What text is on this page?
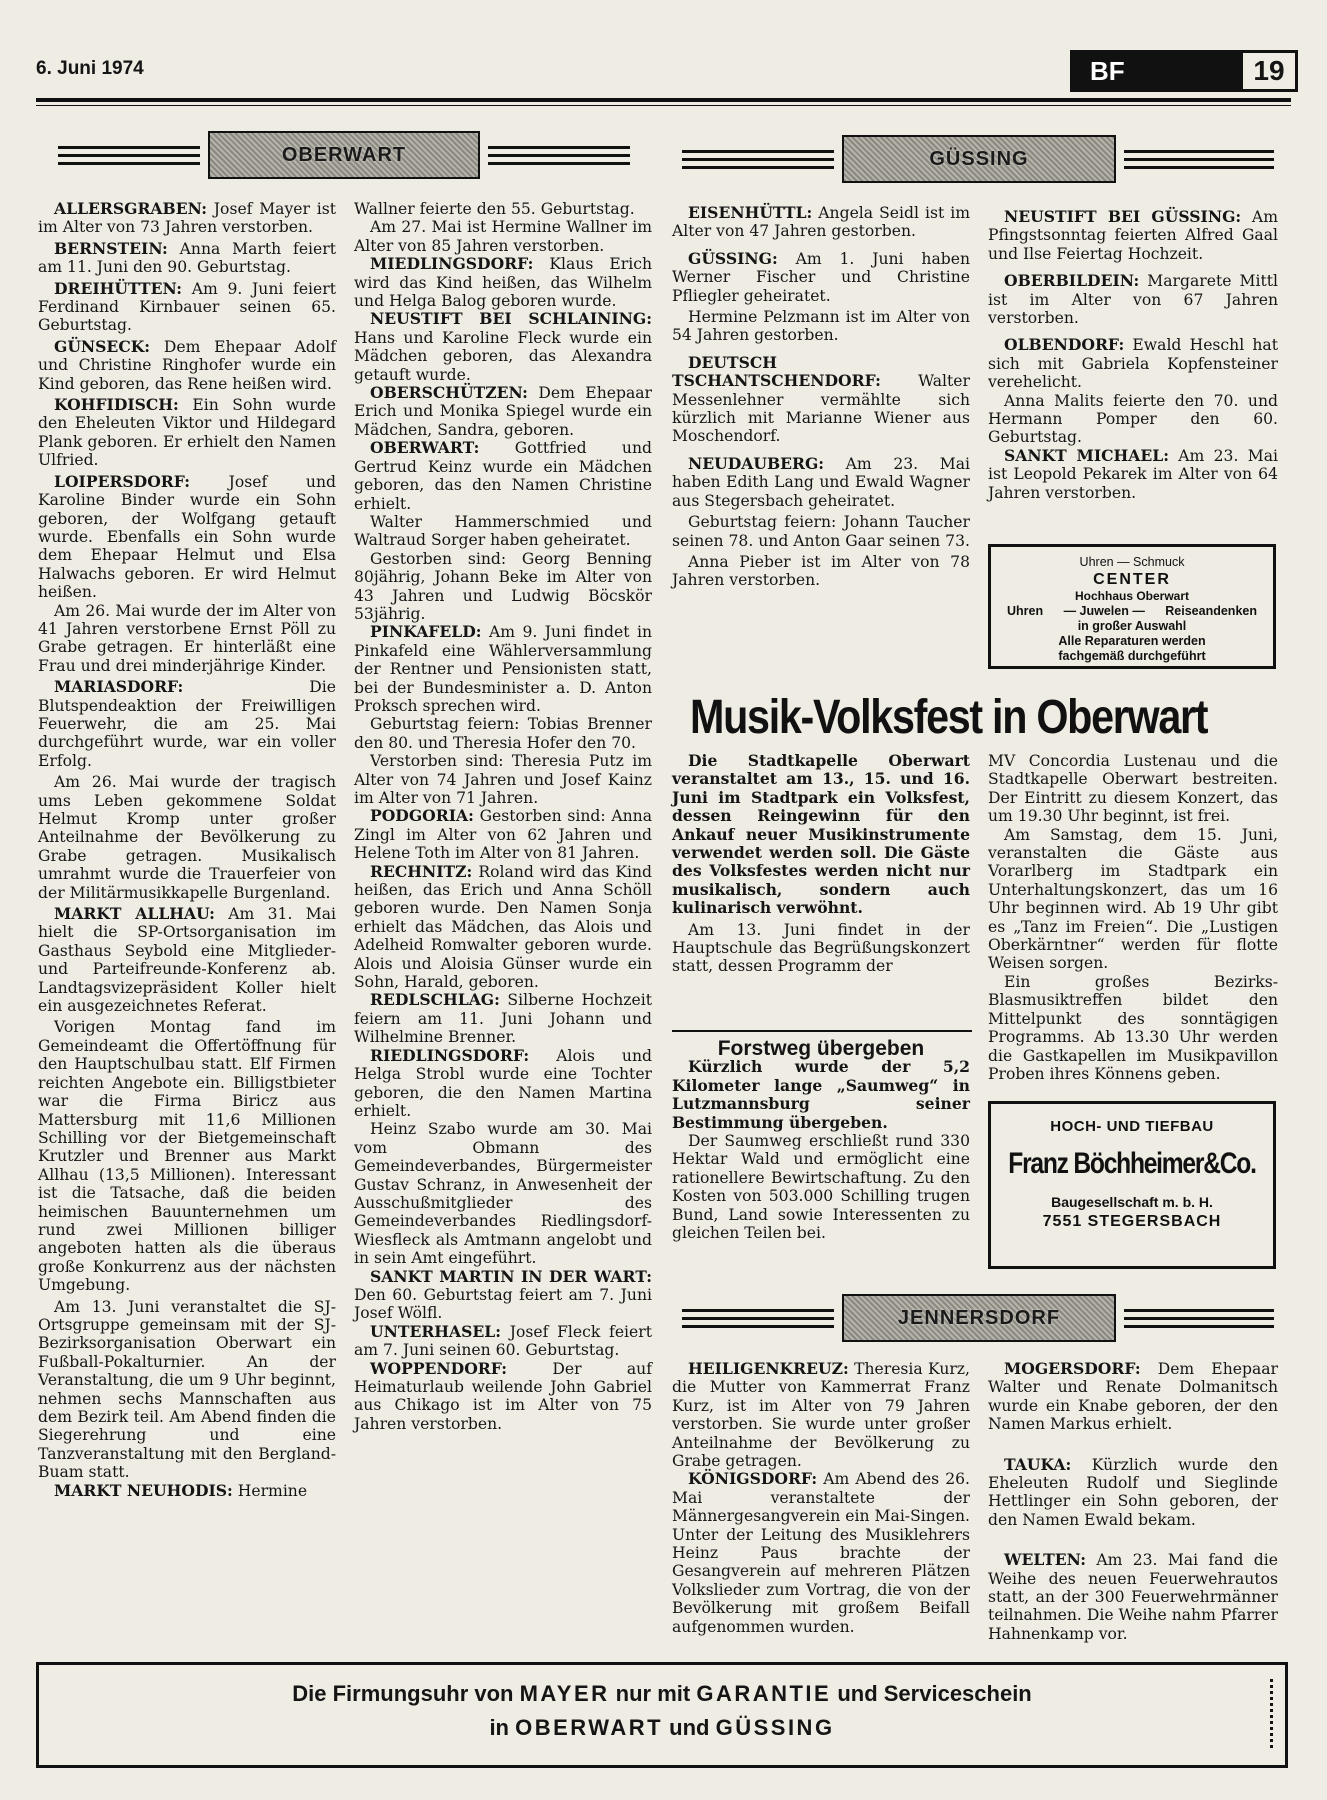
6. Juni 1974	BF	19
OBERWART	GÜSSING

ALLERSGRABEN: Josef Mayer ist im Alter von 73 Jahren verstorben.

BERNSTEIN: Anna Marth feiert am 11. Juni den 90. Geburtstag.

DREIHÜTTEN: Am 9. Juni feiert Ferdinand Kirnbauer seinen 65. Geburtstag.

GÜNSECK: Dem Ehepaar Adolf und Christine Ringhofer wurde ein Kind geboren, das Rene heißen wird.

KOHFIDISCH: Ein Sohn wurde den Eheleuten Viktor und Hildegard Plank geboren. Er erhielt den Namen Ulfried.

LOIPERSDORF: Josef und Karoline Binder wurde ein Sohn geboren, der Wolfgang getauft wurde. Ebenfalls ein Sohn wurde dem Ehepaar Helmut und Elsa Halwachs geboren. Er wird Helmut heißen.

Am 26. Mai wurde der im Alter von 41 Jahren verstorbene Ernst Pöll zu Grabe getragen. Er hinterläßt eine Frau und drei minderjährige Kinder.

MARIASDORF: Die Blutspendeaktion der Freiwilligen Feuerwehr, die am 25. Mai durchgeführt wurde, war ein voller Erfolg.

Am 26. Mai wurde der tragisch ums Leben gekommene Soldat Helmut Kromp unter großer Anteilnahme der Bevölkerung zu Grabe getragen. Musikalisch umrahmt wurde die Trauerfeier von der Militärmusikkapelle Burgenland.

MARKT ALLHAU: Am 31. Mai hielt die SP-Ortsorganisation im Gasthaus Seybold eine Mitglieder- und Parteifreunde-Konferenz ab. Landtagsvizepräsident Koller hielt ein ausgezeichnetes Referat.

Vorigen Montag fand im Gemeindeamt die Offertöffnung für den Hauptschulbau statt. Elf Firmen reichten Angebote ein. Billigstbieter war die Firma Biricz aus Mattersburg mit 11,6 Millionen Schilling vor der Bietgemeinschaft Krutzler und Brenner aus Markt Allhau (13,5 Millionen). Interessant ist die Tatsache, daß die beiden heimischen Bauunternehmen um rund zwei Millionen billiger angeboten hatten als die überaus große Konkurrenz aus der nächsten Umgebung.

Am 13. Juni veranstaltet die SJ-Ortsgruppe gemeinsam mit der SJ-Bezirksorganisation Oberwart ein Fußball-Pokalturnier. An der Veranstaltung, die um 9 Uhr beginnt, nehmen sechs Mannschaften aus dem Bezirk teil. Am Abend finden die Siegerehrung und eine Tanzveranstaltung mit den Bergland-Buam statt.

MARKT NEUHODIS: Hermine

Wallner feierte den 55. Geburtstag.

Am 27. Mai ist Hermine Wallner im Alter von 85 Jahren verstorben.

MIEDLINGSDORF: Klaus Erich wird das Kind heißen, das Wilhelm und Helga Balog geboren wurde.

NEUSTIFT BEI SCHLAINING: Hans und Karoline Fleck wurde ein Mädchen geboren, das Alexandra getauft wurde.

OBERSCHÜTZEN: Dem Ehepaar Erich und Monika Spiegel wurde ein Mädchen, Sandra, geboren.

OBERWART: Gottfried und Gertrud Keinz wurde ein Mädchen geboren, das den Namen Christine erhielt.

Walter Hammerschmied und Waltraud Sorger haben geheiratet.

Gestorben sind: Georg Benning 80jährig, Johann Beke im Alter von 43 Jahren und Ludwig Böcskör 53jährig.

PINKAFELD: Am 9. Juni findet in Pinkafeld eine Wählerversammlung der Rentner und Pensionisten statt, bei der Bundesminister a. D. Anton Proksch sprechen wird.

Geburtstag feiern: Tobias Brenner den 80. und Theresia Hofer den 70.

Verstorben sind: Theresia Putz im Alter von 74 Jahren und Josef Kainz im Alter von 71 Jahren.

PODGORIA: Gestorben sind: Anna Zingl im Alter von 62 Jahren und Helene Toth im Alter von 81 Jahren.

RECHNITZ: Roland wird das Kind heißen, das Erich und Anna Schöll geboren wurde. Den Namen Sonja erhielt das Mädchen, das Alois und Adelheid Romwalter geboren wurde. Alois und Aloisia Günser wurde ein Sohn, Harald, geboren.

REDLSCHLAG: Silberne Hochzeit feiern am 11. Juni Johann und Wilhelmine Brenner.

RIEDLINGSDORF: Alois und Helga Strobl wurde eine Tochter geboren, die den Namen Martina erhielt.

Heinz Szabo wurde am 30. Mai vom Obmann des Gemeindeverbandes, Bürgermeister Gustav Schranz, in Anwesenheit der Ausschußmitglieder des Gemeindeverbandes Riedlingsdorf-Wiesfleck als Amtmann angelobt und in sein Amt eingeführt.

SANKT MARTIN IN DER WART: Den 60. Geburtstag feiert am 7. Juni Josef Wölfl.

UNTERHASEL: Josef Fleck feiert am 7. Juni seinen 60. Geburtstag.

WOPPENDORF: Der auf Heimaturlaub weilende John Gabriel aus Chikago ist im Alter von 75 Jahren verstorben.

EISENHÜTTL: Angela Seidl ist im Alter von 47 Jahren gestorben.

GÜSSING: Am 1. Juni haben Werner Fischer und Christine Pfliegler geheiratet.

Hermine Pelzmann ist im Alter von 54 Jahren gestorben.

DEUTSCH TSCHANTSCHENDORF: Walter Messenlehner vermählte sich kürzlich mit Marianne Wiener aus Moschendorf.

NEUDAUBERG: Am 23. Mai haben Edith Lang und Ewald Wagner aus Stegersbach geheiratet.

Geburtstag feiern: Johann Taucher seinen 78. und Anton Gaar seinen 73.

Anna Pieber ist im Alter von 78 Jahren verstorben.

NEUSTIFT BEI GÜSSING: Am Pfingstsonntag feierten Alfred Gaal und Ilse Feiertag Hochzeit.

OBERBILDEIN: Margarete Mittl ist im Alter von 67 Jahren verstorben.

OLBENDORF: Ewald Heschl hat sich mit Gabriela Kopfensteiner verehelicht.

Anna Malits feierte den 70. und Hermann Pomper den 60. Geburtstag.

SANKT MICHAEL: Am 23. Mai ist Leopold Pekarek im Alter von 64 Jahren verstorben.

Uhren — Schmuck
CENTER
Hochhaus Oberwart
Uhren — Juwelen — Reiseandenken
in großer Auswahl
Alle Reparaturen werden
fachgemäß durchgeführt
Musik-Volksfest in Oberwart

Die Stadtkapelle Oberwart veranstaltet am 13., 15. und 16. Juni im Stadtpark ein Volksfest, dessen Reingewinn für den Ankauf neuer Musikinstrumente verwendet werden soll. Die Gäste des Volksfestes werden nicht nur musikalisch, sondern auch kulinarisch verwöhnt.

Am 13. Juni findet in der Hauptschule das Begrüßungskonzert statt, dessen Programm der

MV Concordia Lustenau und die Stadtkapelle Oberwart bestreiten. Der Eintritt zu diesem Konzert, das um 19.30 Uhr beginnt, ist frei.

Am Samstag, dem 15. Juni, veranstalten die Gäste aus Vorarlberg im Stadtpark ein Unterhaltungskonzert, das um 16 Uhr beginnen wird. Ab 19 Uhr gibt es „Tanz im Freien“. Die „Lustigen Oberkärntner“ werden für flotte Weisen sorgen.

Ein großes Bezirks-Blasmusiktreffen bildet den Mittelpunkt des sonntägigen Programms. Ab 13.30 Uhr werden die Gastkapellen im Musikpavillon Proben ihres Könnens geben.

Forstweg übergeben

Kürzlich wurde der 5,2 Kilometer lange „Saumweg“ in Lutzmannsburg seiner Bestimmung übergeben.

Der Saumweg erschließt rund 330 Hektar Wald und ermöglicht eine rationellere Bewirtschaftung. Zu den Kosten von 503.000 Schilling trugen Bund, Land sowie Interessenten zu gleichen Teilen bei.

HOCH- UND TIEFBAU
Franz Böchheimer&Co.
Baugesellschaft m. b. H.
7551 STEGERSBACH
JENNERSDORF

HEILIGENKREUZ: Theresia Kurz, die Mutter von Kammerrat Franz Kurz, ist im Alter von 79 Jahren verstorben. Sie wurde unter großer Anteilnahme der Bevölkerung zu Grabe getragen.

KÖNIGSDORF: Am Abend des 26. Mai veranstaltete der Männergesangverein ein Mai-Singen. Unter der Leitung des Musiklehrers Heinz Paus brachte der Gesangverein auf mehreren Plätzen Volkslieder zum Vortrag, die von der Bevölkerung mit großem Beifall aufgenommen wurden.

MOGERSDORF: Dem Ehepaar Walter und Renate Dolmanitsch wurde ein Knabe geboren, der den Namen Markus erhielt.

TAUKA: Kürzlich wurde den Eheleuten Rudolf und Sieglinde Hettlinger ein Sohn geboren, der den Namen Ewald bekam.

WELTEN: Am 23. Mai fand die Weihe des neuen Feuerwehrautos statt, an der 300 Feuerwehrmänner teilnahmen. Die Weihe nahm Pfarrer Hahnenkamp vor.

Die Firmungsuhr von MAYER nur mit GARANTIE und Serviceschein
in OBERWART und GÜSSING
